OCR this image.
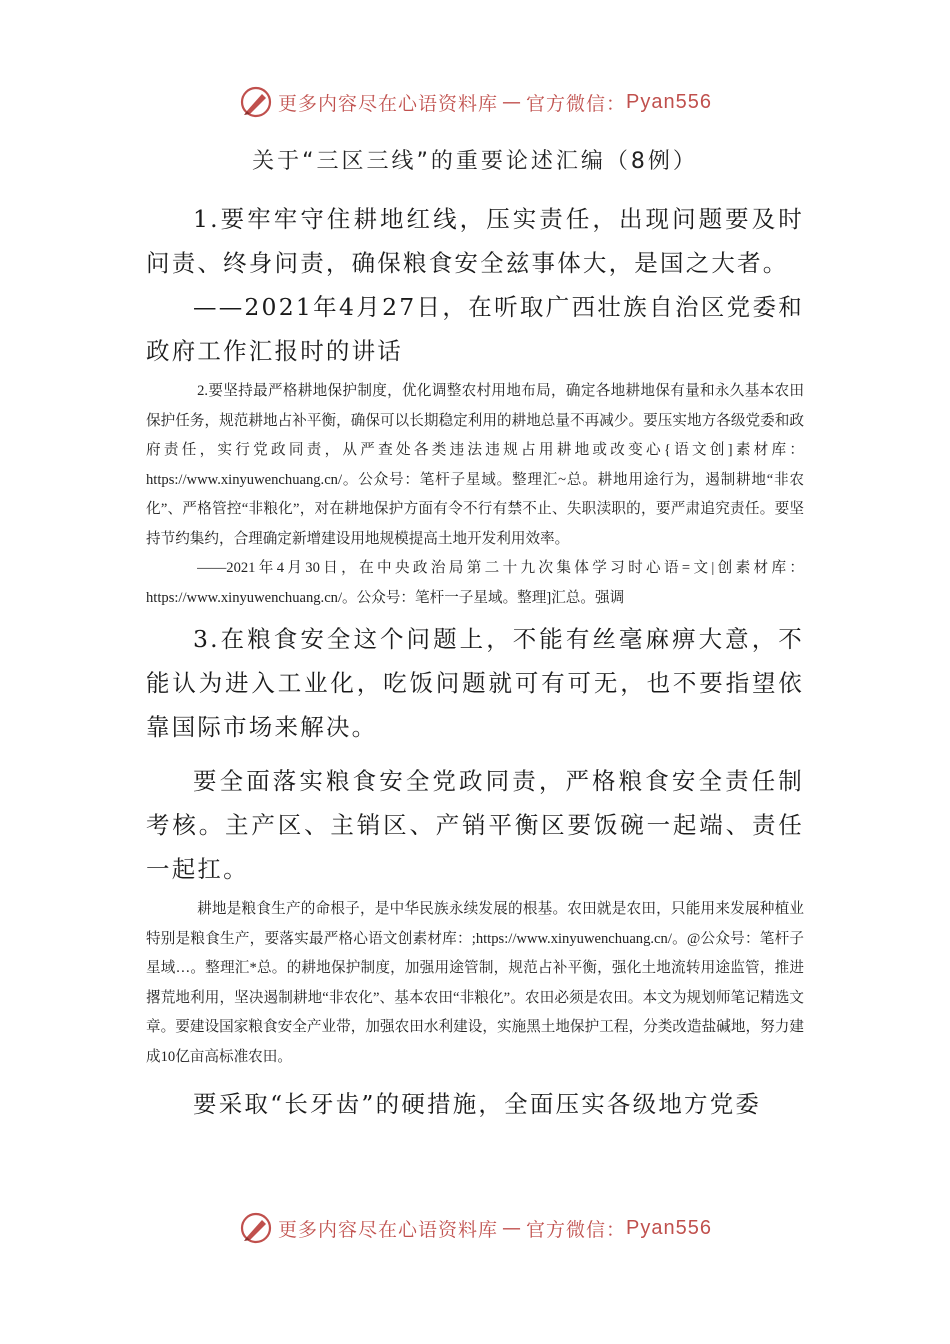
更多内容尽在心语资料库 — 官方微信： Pyan556
关于“三区三线”的重要论述汇编（8例）

1.要牢牢守住耕地红线，压实责任，出现问题要及时问责、终身问责，确保粮食安全兹事体大，是国之大者。

——2021年4月27日，在听取广西壮族自治区党委和政府工作汇报时的讲话

2.要坚持最严格耕地保护制度，优化调整农村用地布局，确定各地耕地保有量和永久基本农田保护任务，规范耕地占补平衡，确保可以长期稳定利用的耕地总量不再减少。要压实地方各级党委和政府责任，实行党政同责，从严查处各类违法违规占用耕地或改变心{语文创]素材库：https://www.xinyuwenchuang.cn/。公众号：笔杆子星域。整理汇~总。耕地用途行为，遏制耕地“非农化”、严格管控“非粮化”，对在耕地保护方面有令不行有禁不止、失职渎职的，要严肃追究责任。要坚持节约集约，合理确定新增建设用地规模提高土地开发利用效率。

——2021年4月30日，在中央政治局第二十九次集体学习时心语=文|创素材库：https://www.xinyuwenchuang.cn/。公众号：笔杆一子星域。整理]汇总。强调

3.在粮食安全这个问题上，不能有丝毫麻痹大意，不能认为进入工业化，吃饭问题就可有可无，也不要指望依靠国际市场来解决。

要全面落实粮食安全党政同责，严格粮食安全责任制考核。主产区、主销区、产销平衡区要饭碗一起端、责任一起扛。

耕地是粮食生产的命根子，是中华民族永续发展的根基。农田就是农田，只能用来发展种植业特别是粮食生产，要落实最严格心语文创素材库：;https://www.xinyuwenchuang.cn/。@公众号：笔杆子星域…。整理汇*总。的耕地保护制度，加强用途管制，规范占补平衡，强化土地流转用途监管，推进撂荒地利用，坚决遏制耕地“非农化”、基本农田“非粮化”。农田必须是农田。本文为规划师笔记精选文章。要建设国家粮食安全产业带，加强农田水利建设，实施黑土地保护工程，分类改造盐碱地，努力建成10亿亩高标准农田。

要采取“长牙齿”的硬措施，全面压实各级地方党委

更多内容尽在心语资料库 — 官方微信： Pyan556
